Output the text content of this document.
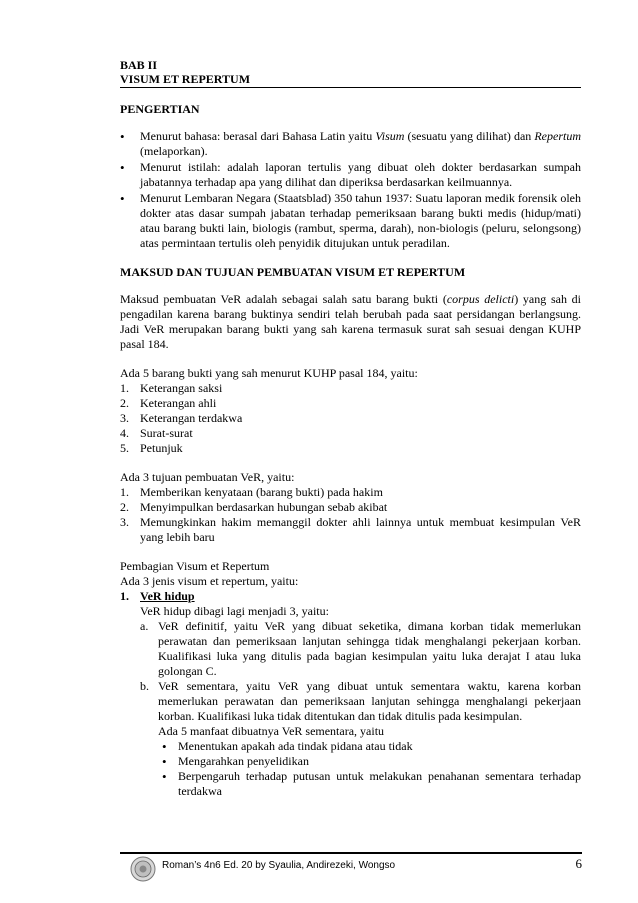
BAB II
VISUM ET REPERTUM
PENGERTIAN
• Menurut bahasa: berasal dari Bahasa Latin yaitu Visum (sesuatu yang dilihat) dan Repertum (melaporkan).
• Menurut istilah: adalah laporan tertulis yang dibuat oleh dokter berdasarkan sumpah jabatannya terhadap apa yang dilihat dan diperiksa berdasarkan keilmuannya.
• Menurut Lembaran Negara (Staatsblad) 350 tahun 1937: Suatu laporan medik forensik oleh dokter atas dasar sumpah jabatan terhadap pemeriksaan barang bukti medis (hidup/mati) atau barang bukti lain, biologis (rambut, sperma, darah), non-biologis (peluru, selongsong) atas permintaan tertulis oleh penyidik ditujukan untuk peradilan.
MAKSUD DAN TUJUAN PEMBUATAN VISUM ET REPERTUM

Maksud pembuatan VeR adalah sebagai salah satu barang bukti (corpus delicti) yang sah di pengadilan karena barang buktinya sendiri telah berubah pada saat persidangan berlangsung. Jadi VeR merupakan barang bukti yang sah karena termasuk surat sah sesuai dengan KUHP pasal 184.

Ada 5 barang bukti yang sah menurut KUHP pasal 184, yaitu:
1. Keterangan saksi
2. Keterangan ahli
3. Keterangan terdakwa
4. Surat-surat
5. Petunjuk
Ada 3 tujuan pembuatan VeR, yaitu:
1. Memberikan kenyataan (barang bukti) pada hakim
2. Menyimpulkan berdasarkan hubungan sebab akibat
3. Memungkinkan hakim memanggil dokter ahli lainnya untuk membuat kesimpulan VeR yang lebih baru
Pembagian Visum et Repertum
Ada 3 jenis visum et repertum, yaitu:
1. VeR hidup
VeR hidup dibagi lagi menjadi 3, yaitu:
a. VeR definitif, yaitu VeR yang dibuat seketika, dimana korban tidak memerlukan perawatan dan pemeriksaan lanjutan sehingga tidak menghalangi pekerjaan korban. Kualifikasi luka yang ditulis pada bagian kesimpulan yaitu luka derajat I atau luka golongan C.
b. VeR sementara, yaitu VeR yang dibuat untuk sementara waktu, karena korban memerlukan perawatan dan pemeriksaan lanjutan sehingga menghalangi pekerjaan korban. Kualifikasi luka tidak ditentukan dan tidak ditulis pada kesimpulan.
Ada 5 manfaat dibuatnya VeR sementara, yaitu
• Menentukan apakah ada tindak pidana atau tidak
• Mengarahkan penyelidikan
• Berpengaruh terhadap putusan untuk melakukan penahanan sementara terhadap terdakwa
Roman’s 4n6 Ed. 20 by Syaulia, Andirezeki, Wongso	6
